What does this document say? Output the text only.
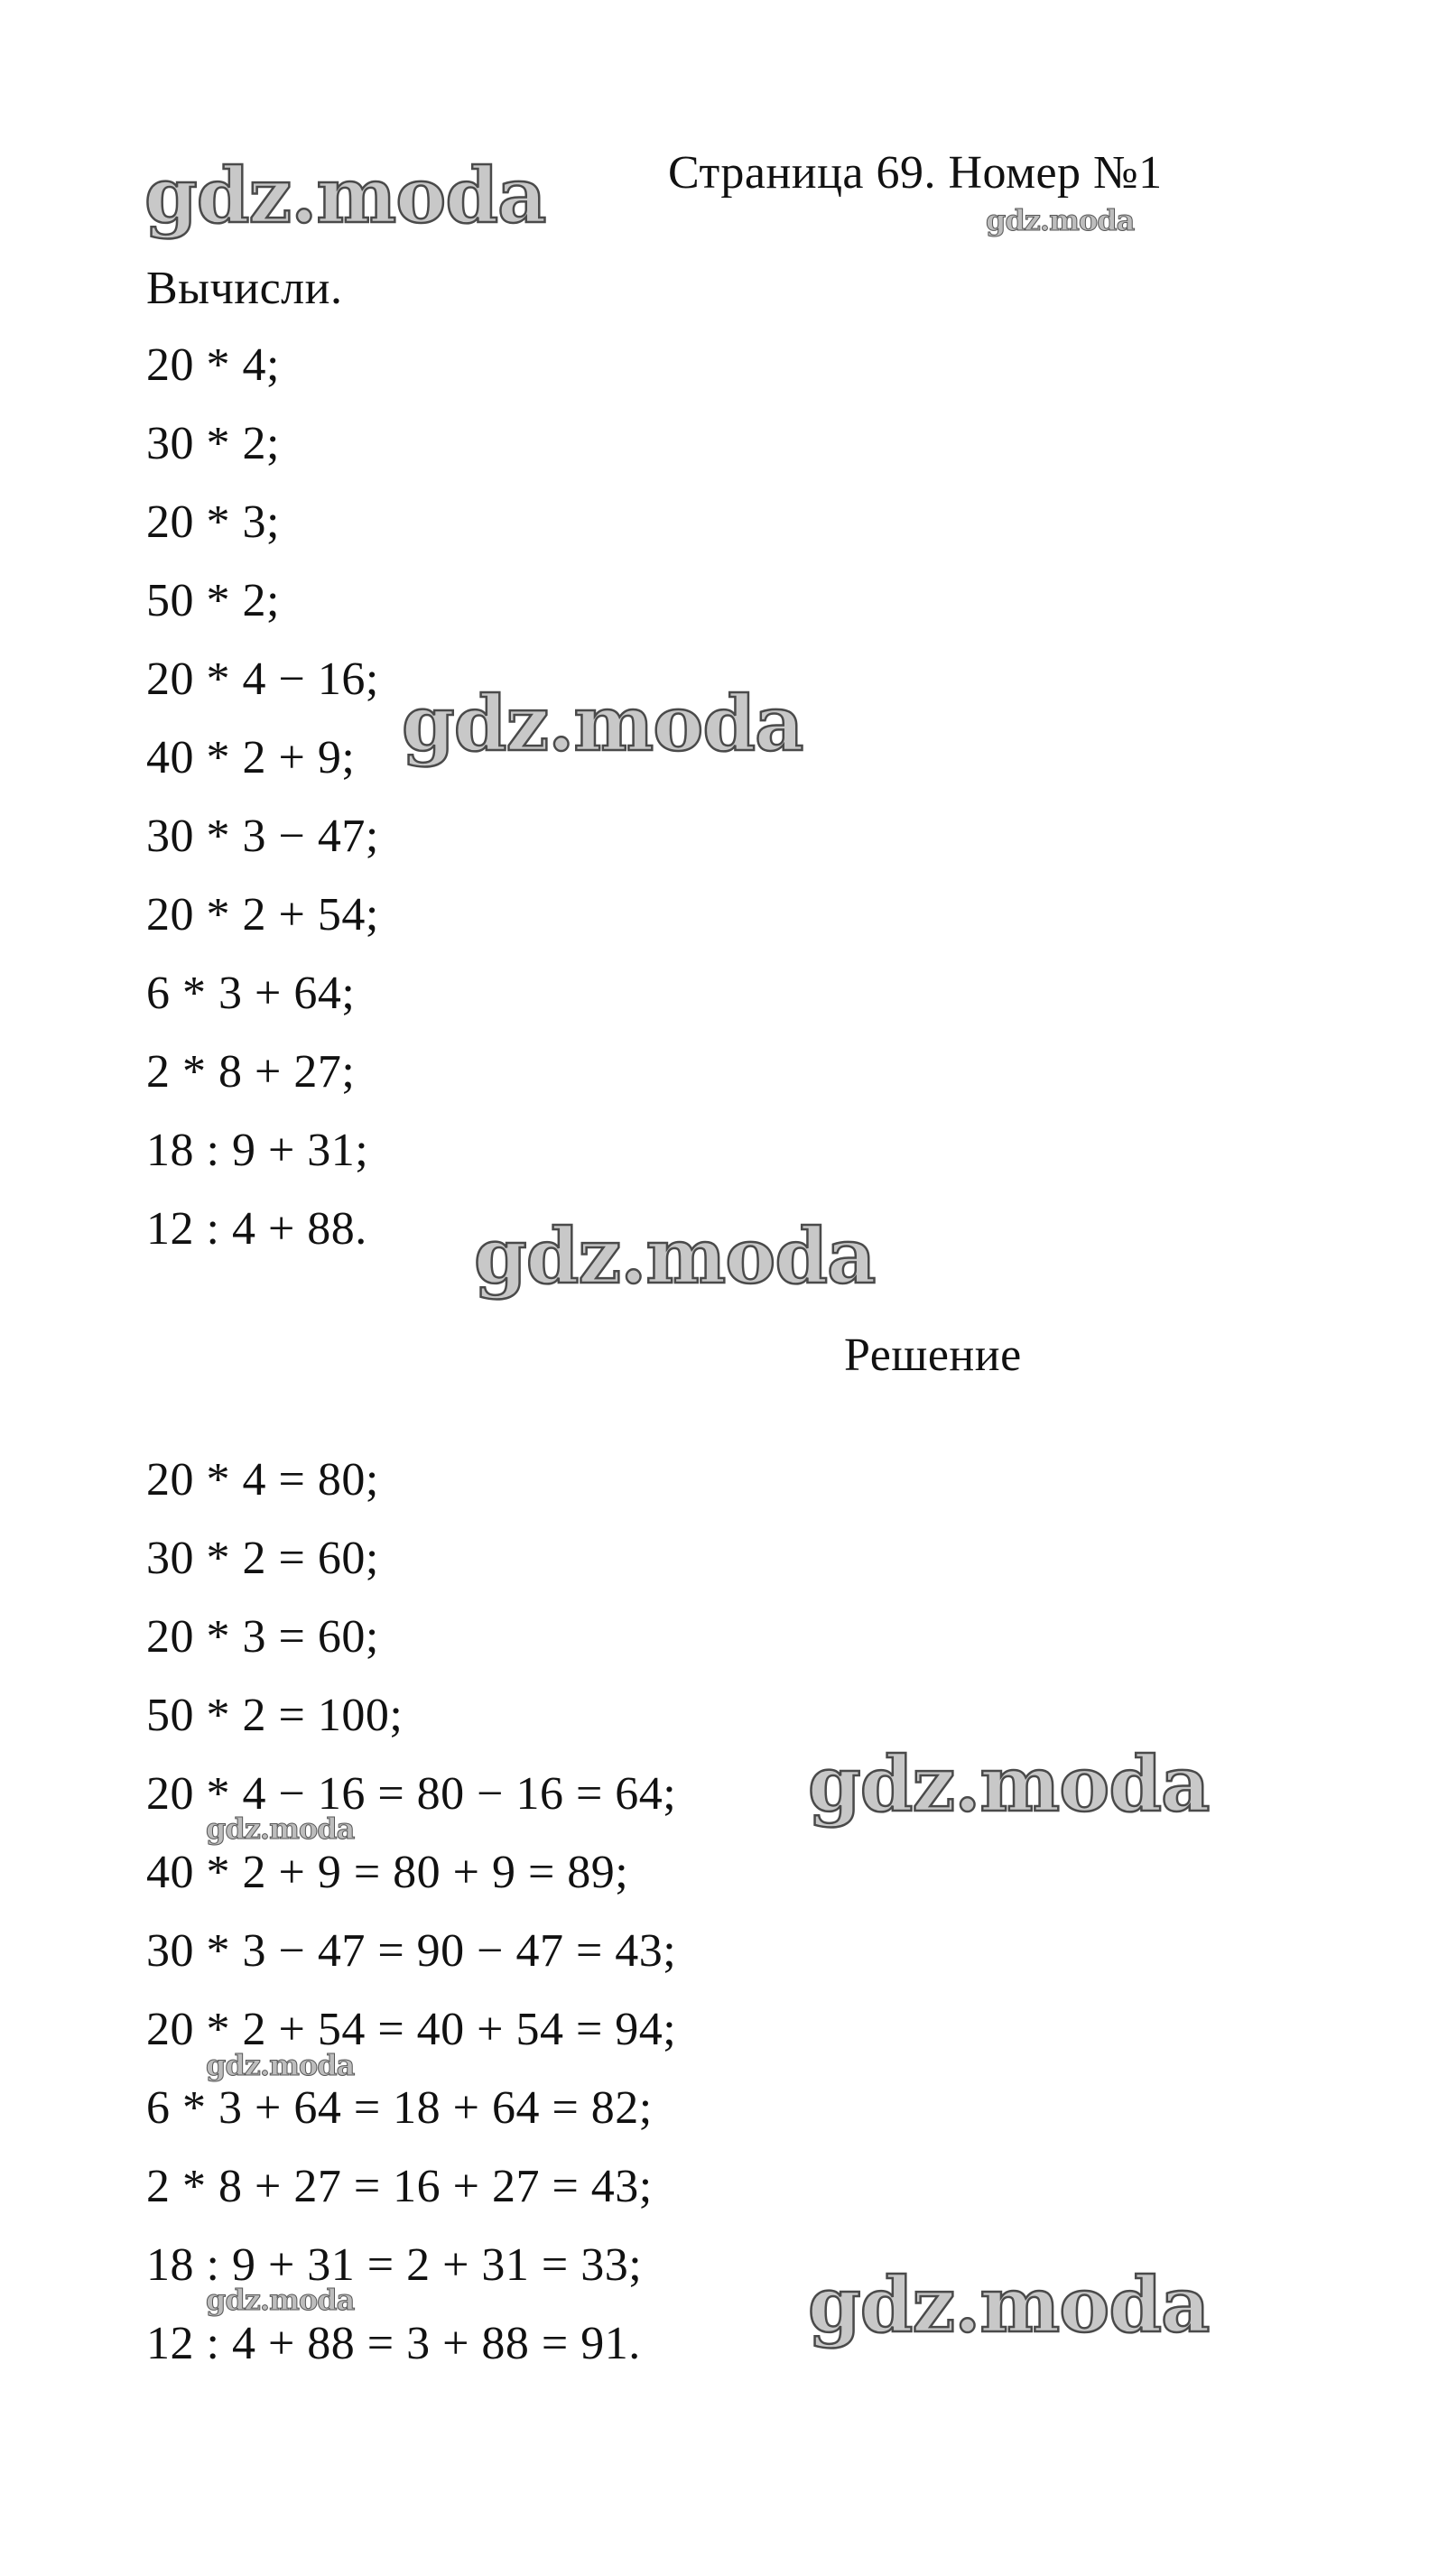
Страница 69. Номер №1
Вычисли.
20 * 4;
30 * 2;
20 * 3;
50 * 2;
20 * 4 − 16;
40 * 2 + 9;
30 * 3 − 47;
20 * 2 + 54;
6 * 3 + 64;
2 * 8 + 27;
18 : 9 + 31;
12 : 4 + 88.
Решение
20 * 4 = 80;
30 * 2 = 60;
20 * 3 = 60;
50 * 2 = 100;
20 * 4 − 16 = 80 − 16 = 64;
40 * 2 + 9 = 80 + 9 = 89;
30 * 3 − 47 = 90 − 47 = 43;
20 * 2 + 54 = 40 + 54 = 94;
6 * 3 + 64 = 18 + 64 = 82;
2 * 8 + 27 = 16 + 27 = 43;
18 : 9 + 31 = 2 + 31 = 33;
12 : 4 + 88 = 3 + 88 = 91.
gdz.moda	gdz.moda
gdz.moda
gdz.moda
gdz.moda
gdz.moda
gdz.moda
gdz.moda	gdz.moda
